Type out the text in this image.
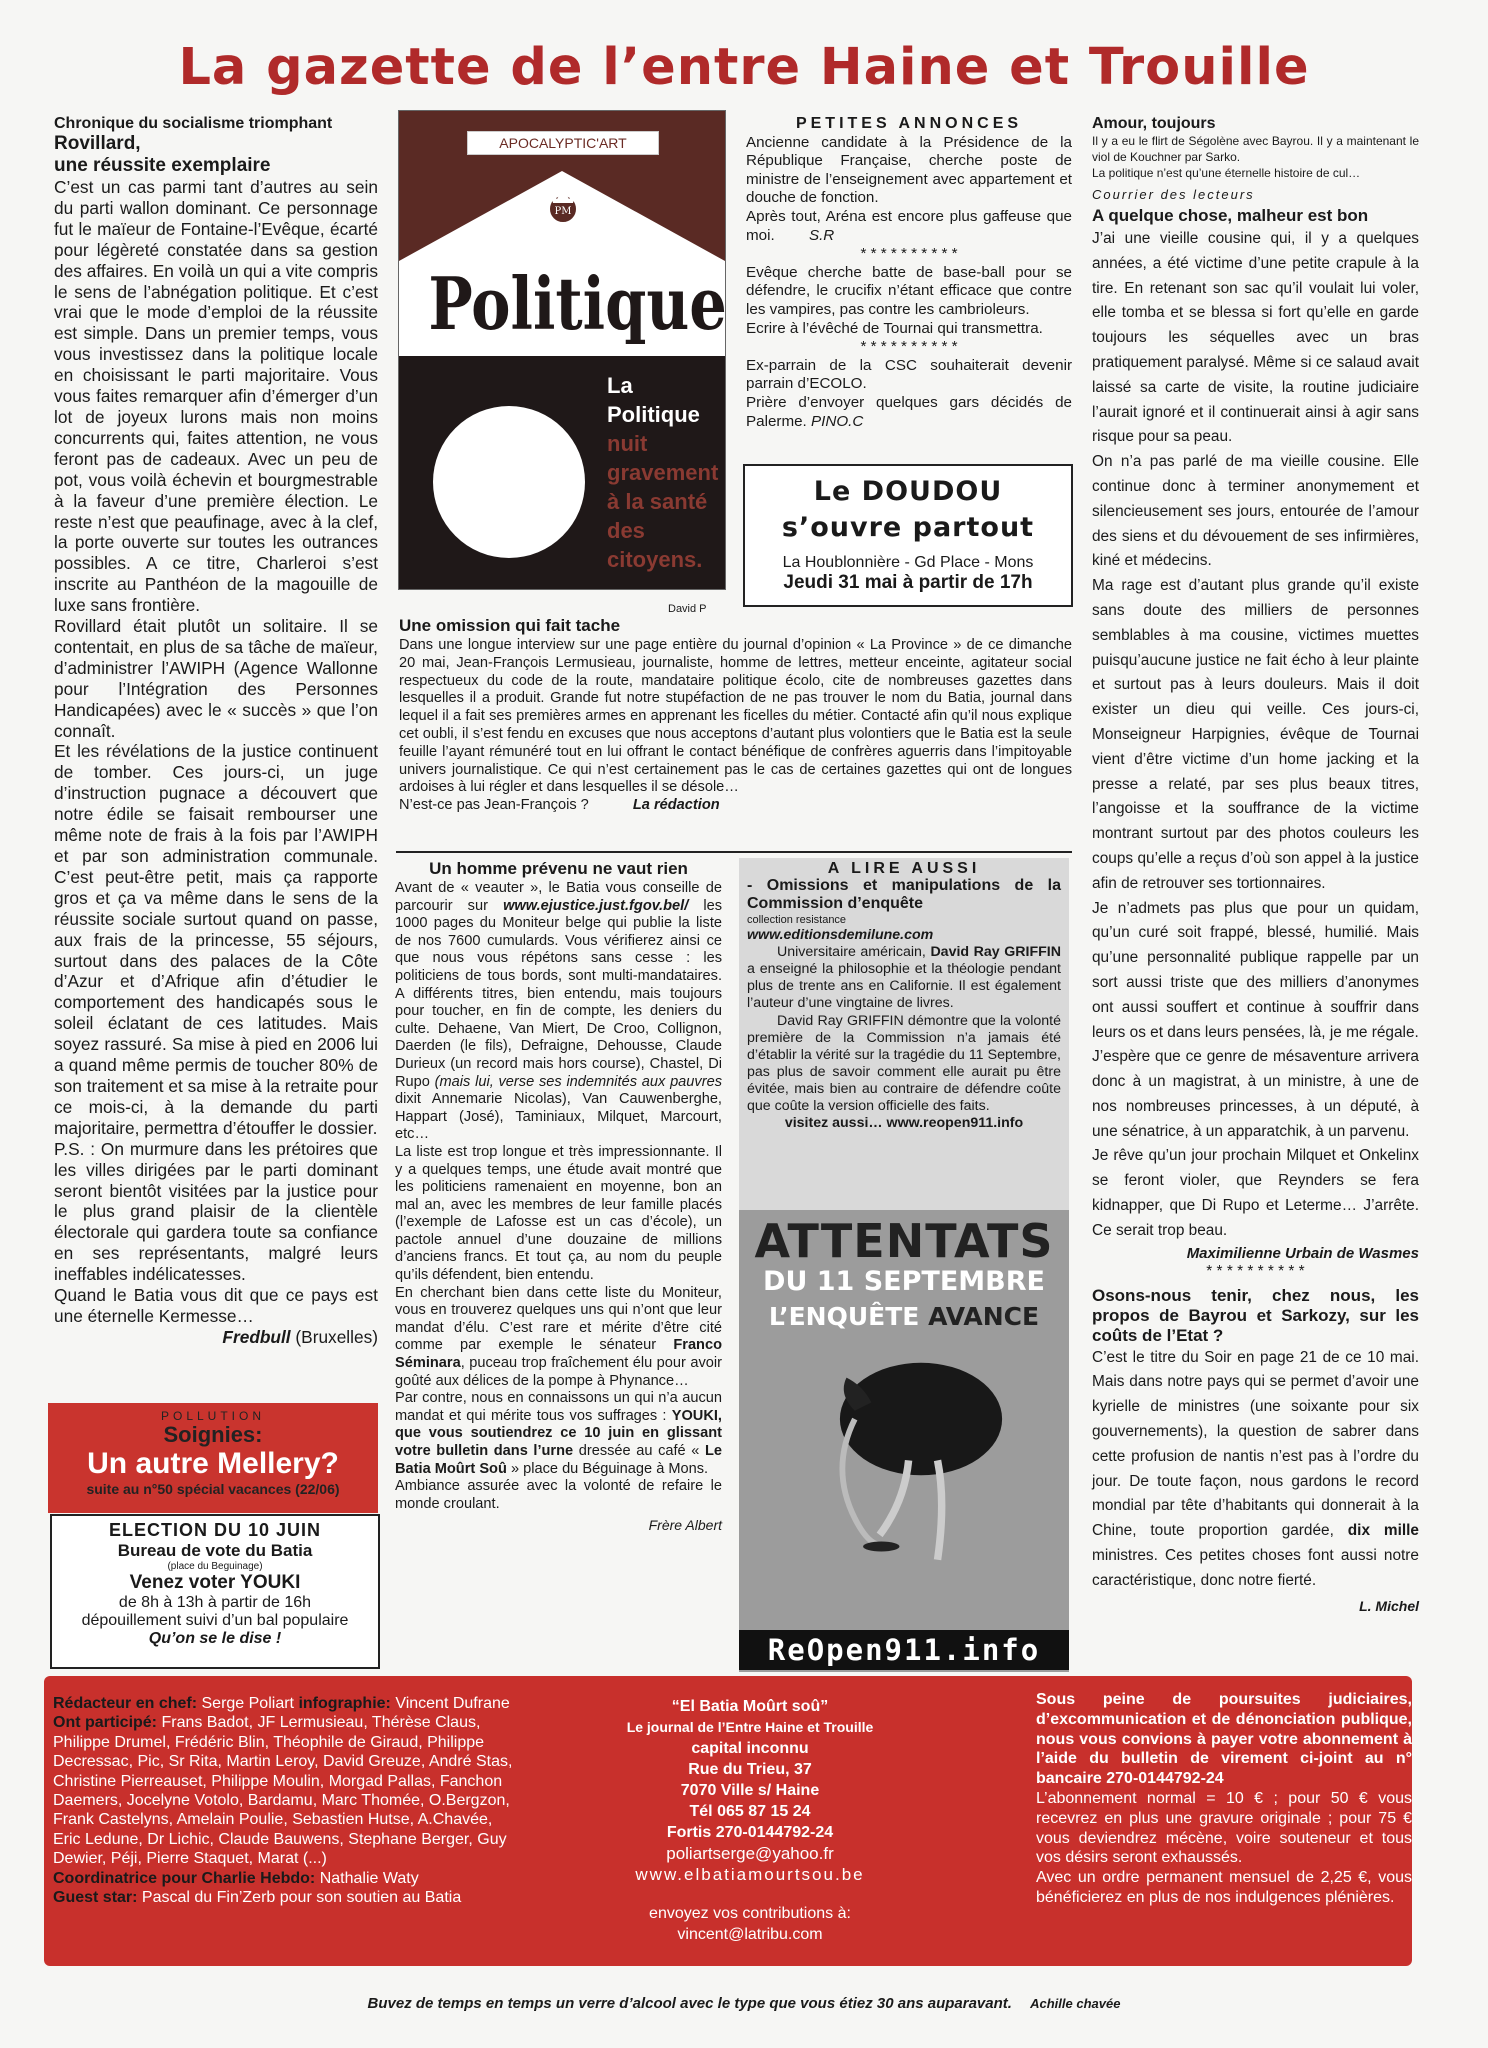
La gazette de l’entre Haine et Trouille
Chronique du socialisme triomphant
Rovillard,
une réussite exemplaire

C’est un cas parmi tant d’autres au sein du parti wallon dominant. Ce personnage fut le maïeur de Fontaine-l’Evêque, écarté pour légèreté constatée dans sa gestion des affaires. En voilà un qui a vite compris le sens de l’abnégation politique. Et c’est vrai que le mode d’emploi de la réussite est simple. Dans un premier temps, vous vous investissez dans la politique locale en choisissant le parti majoritaire. Vous vous faites remarquer afin d’émerger d’un lot de joyeux lurons mais non moins concurrents qui, faites attention, ne vous feront pas de cadeaux. Avec un peu de pot, vous voilà échevin et bourgmestrable à la faveur d’une première élection. Le reste n’est que peaufinage, avec à la clef, la porte ouverte sur toutes les outrances possibles. A ce titre, Charleroi s’est inscrite au Panthéon de la magouille de luxe sans frontière.

Rovillard était plutôt un solitaire. Il se contentait, en plus de sa tâche de maïeur, d’administrer l’AWIPH (Agence Wallonne pour l’Intégration des Personnes Handicapées) avec le « succès » que l’on connaît.

Et les révélations de la justice continuent de tomber. Ces jours-ci, un juge d’instruction pugnace a découvert que notre édile se faisait rembourser une même note de frais à la fois par l’AWIPH et par son administration communale. C’est peut-être petit, mais ça rapporte gros et ça va même dans le sens de la réussite sociale surtout quand on passe, aux frais de la princesse, 55 séjours, surtout dans des palaces de la Côte d’Azur et d’Afrique afin d’étudier le comportement des handicapés sous le soleil éclatant de ces latitudes. Mais soyez rassuré. Sa mise à pied en 2006 lui a quand même permis de toucher 80% de son traitement et sa mise à la retraite pour ce mois-ci, à la demande du parti majoritaire, permettra d’étouffer le dossier.

P.S. : On murmure dans les prétoires que les villes dirigées par le parti dominant seront bientôt visitées par la justice pour le plus grand plaisir de la clientèle électorale qui gardera toute sa confiance en ses représentants, malgré leurs ineffables indélicatesses.

Quand le Batia vous dit que ce pays est une éternelle Kermesse…

Fredbull (Bruxelles)
APOCALYPTIC'ART
PM
Politique
La
Politique
nuit
gravement
à la santé
des
citoyens.
David P
PETITES ANNONCES

Ancienne candidate à la Présidence de la République Française, cherche poste de ministre de l’enseignement avec appartement et douche de fonction.

Après tout, Aréna est encore plus gaffeuse que moi. S.R

* * * * * * * * * *

Evêque cherche batte de base-ball pour se défendre, le crucifix n’étant efficace que contre les vampires, pas contre les cambrioleurs.

Ecrire à l’évêché de Tournai qui transmettra.

* * * * * * * * * *

Ex-parrain de la CSC souhaiterait devenir parrain d’ECOLO.

Prière d’envoyer quelques gars décidés de Palerme. PINO.C

Le DOUDOU
s’ouvre partout
La Houblonnière - Gd Place - Mons
Jeudi 31 mai à partir de 17h
Une omission qui fait tache

Dans une longue interview sur une page entière du journal d’opinion « La Province » de ce dimanche 20 mai, Jean-François Lermusieau, journaliste, homme de lettres, metteur enceinte, agitateur social respectueux du code de la route, mandataire politique écolo, cite de nombreuses gazettes dans lesquelles il a produit. Grande fut notre stupéfaction de ne pas trouver le nom du Batia, journal dans lequel il a fait ses premières armes en apprenant les ficelles du métier. Contacté afin qu’il nous explique cet oubli, il s’est fendu en excuses que nous acceptons d’autant plus volontiers que le Batia est la seule feuille l’ayant rémunéré tout en lui offrant le contact bénéfique de confrères aguerris dans l’impitoyable univers journalistique. Ce qui n’est certainement pas le cas de certaines gazettes qui ont de longues ardoises à lui régler et dans lesquelles il se désole…

N’est-ce pas Jean-François ?	La rédaction

Un homme prévenu ne vaut rien

Avant de « veauter », le Batia vous conseille de parcourir sur www.ejustice.just.fgov.bel/ les 1000 pages du Moniteur belge qui publie la liste de nos 7600 cumulards. Vous vérifierez ainsi ce que nous vous répétons sans cesse : les politiciens de tous bords, sont multi-mandataires. A différents titres, bien entendu, mais toujours pour toucher, en fin de compte, les deniers du culte. Dehaene, Van Miert, De Croo, Collignon, Daerden (le fils), Defraigne, Dehousse, Claude Durieux (un record mais hors course), Chastel, Di Rupo (mais lui, verse ses indemnités aux pauvres dixit Annemarie Nicolas), Van Cauwenberghe, Happart (José), Taminiaux, Milquet, Marcourt, etc…

La liste est trop longue et très impressionnante. Il y a quelques temps, une étude avait montré que les politiciens ramenaient en moyenne, bon an mal an, avec les membres de leur famille placés (l’exemple de Lafosse est un cas d’école), un pactole annuel d’une douzaine de millions d’anciens francs. Et tout ça, au nom du peuple qu’ils défendent, bien entendu.

En cherchant bien dans cette liste du Moniteur, vous en trouverez quelques uns qui n’ont que leur mandat d’élu. C’est rare et mérite d’être cité comme par exemple le sénateur Franco Séminara, puceau trop fraîchement élu pour avoir goûté aux délices de la pompe à Phynance…

Par contre, nous en connaissons un qui n’a aucun mandat et qui mérite tous vos suffrages : YOUKI, que vous soutiendrez ce 10 juin en glissant votre bulletin dans l’urne dressée au café « Le Batia Moûrt Soû » place du Béguinage à Mons.

Ambiance assurée avec la volonté de refaire le monde croulant.

Frère Albert
A LIRE AUSSI
- Omissions et manipulations de la Commission d’enquête
collection resistance
www.editionsdemilune.com

Universitaire américain, David Ray GRIFFIN a enseigné la philosophie et la théologie pendant plus de trente ans en Californie. Il est également l’auteur d’une vingtaine de livres.

David Ray GRIFFIN démontre que la volonté première de la Commission n’a jamais été d’établir la vérité sur la tragédie du 11 Septembre, pas plus de savoir comment elle aurait pu être évitée, mais bien au contraire de défendre coûte que coûte la version officielle des faits.

visitez aussi… www.reopen911.info
ATTENTATS
DU 11 SEPTEMBRE
L’ENQUÊTE AVANCE
ReOpen911.info
POLLUTION
Soignies:
Un autre Mellery?
suite au n°50 spécial vacances (22/06)
ELECTION DU 10 JUIN
Bureau de vote du Batia
(place du Beguinage)
Venez voter YOUKI
de 8h à 13h à partir de 16h
dépouillement suivi d’un bal populaire
Qu’on se le dise !
Amour, toujours

Il y a eu le flirt de Ségolène avec Bayrou. Il y a maintenant le viol de Kouchner par Sarko.

La politique n’est qu’une éternelle histoire de cul…

Courrier des lecteurs
A quelque chose, malheur est bon

J’ai une vieille cousine qui, il y a quelques années, a été victime d’une petite crapule à la tire. En retenant son sac qu’il voulait lui voler, elle tomba et se blessa si fort qu’elle en garde toujours les séquelles avec un bras pratiquement paralysé. Même si ce salaud avait laissé sa carte de visite, la routine judiciaire l’aurait ignoré et il continuerait ainsi à agir sans risque pour sa peau.

On n’a pas parlé de ma vieille cousine. Elle continue donc à terminer anonymement et silencieusement ses jours, entourée de l’amour des siens et du dévouement de ses infirmières, kiné et médecins.

Ma rage est d’autant plus grande qu’il existe sans doute des milliers de personnes semblables à ma cousine, victimes muettes puisqu’aucune justice ne fait écho à leur plainte et surtout pas à leurs douleurs. Mais il doit exister un dieu qui veille. Ces jours-ci, Monseigneur Harpignies, évêque de Tournai vient d’être victime d’un home jacking et la presse a relaté, par ses plus beaux titres, l’angoisse et la souffrance de la victime montrant surtout par des photos couleurs les coups qu’elle a reçus d’où son appel à la justice afin de retrouver ses tortionnaires.

Je n’admets pas plus que pour un quidam, qu’un curé soit frappé, blessé, humilié. Mais qu’une personnalité publique rappelle par un sort aussi triste que des milliers d’anonymes ont aussi souffert et continue à souffrir dans leurs os et dans leurs pensées, là, je me régale.

J’espère que ce genre de mésaventure arrivera donc à un magistrat, à un ministre, à une de nos nombreuses princesses, à un député, à une sénatrice, à un apparatchik, à un parvenu.

Je rêve qu’un jour prochain Milquet et Onkelinx se feront violer, que Reynders se fera kidnapper, que Di Rupo et Leterme… J’arrête. Ce serait trop beau.

Maximilienne Urbain de Wasmes
* * * * * * * * * *
Osons-nous tenir, chez nous, les propos de Bayrou et Sarkozy, sur les coûts de l’Etat ?

C’est le titre du Soir en page 21 de ce 10 mai. Mais dans notre pays qui se permet d’avoir une kyrielle de ministres (une soixante pour six gouvernements), la question de sabrer dans cette profusion de nantis n’est pas à l’ordre du jour. De toute façon, nous gardons le record mondial par tête d’habitants qui donnerait à la Chine, toute proportion gardée, dix mille ministres. Ces petites choses font aussi notre caractéristique, donc notre fierté.

L. Michel
Rédacteur en chef: Serge Poliart infographie: Vincent Dufrane Ont participé: Frans Badot, JF Lermusieau, Thérèse Claus, Philippe Drumel, Frédéric Blin, Théophile de Giraud, Philippe Decressac, Pic, Sr Rita, Martin Leroy, David Greuze, André Stas, Christine Pierreauset, Philippe Moulin, Morgad Pallas, Fanchon Daemers, Jocelyne Votolo, Bardamu, Marc Thomée, O.Bergzon, Frank Castelyns, Amelain Poulie, Sebastien Hutse, A.Chavée, Eric Ledune, Dr Lichic, Claude Bauwens, Stephane Berger, Guy Dewier, Péji, Pierre Staquet, Marat (...)
Coordinatrice pour Charlie Hebdo: Nathalie Waty
Guest star: Pascal du Fin’Zerb pour son soutien au Batia
“El Batia Moûrt soû”
Le journal de l’Entre Haine et Trouille
capital inconnu
Rue du Trieu, 37
7070 Ville s/ Haine
Tél 065 87 15 24
Fortis 270-0144792-24
poliartserge@yahoo.fr
www.elbatiamourtsou.be
envoyez vos contributions à:
vincent@latribu.com

Sous peine de poursuites judiciaires, d’excommunication et de dénonciation publique, nous vous convions à payer votre abonnement à l’aide du bulletin de virement ci-joint au n° bancaire 270-0144792-24

L’abonnement normal = 10 € ; pour 50 € vous recevrez en plus une gravure originale ; pour 75 € vous deviendrez mécène, voire souteneur et tous vos désirs seront exhaussés.

Avec un ordre permanent mensuel de 2,25 €, vous bénéficierez en plus de nos indulgences plénières.

Buvez de temps en temps un verre d’alcool avec le type que vous étiez 30 ans auparavant. Achille chavée
